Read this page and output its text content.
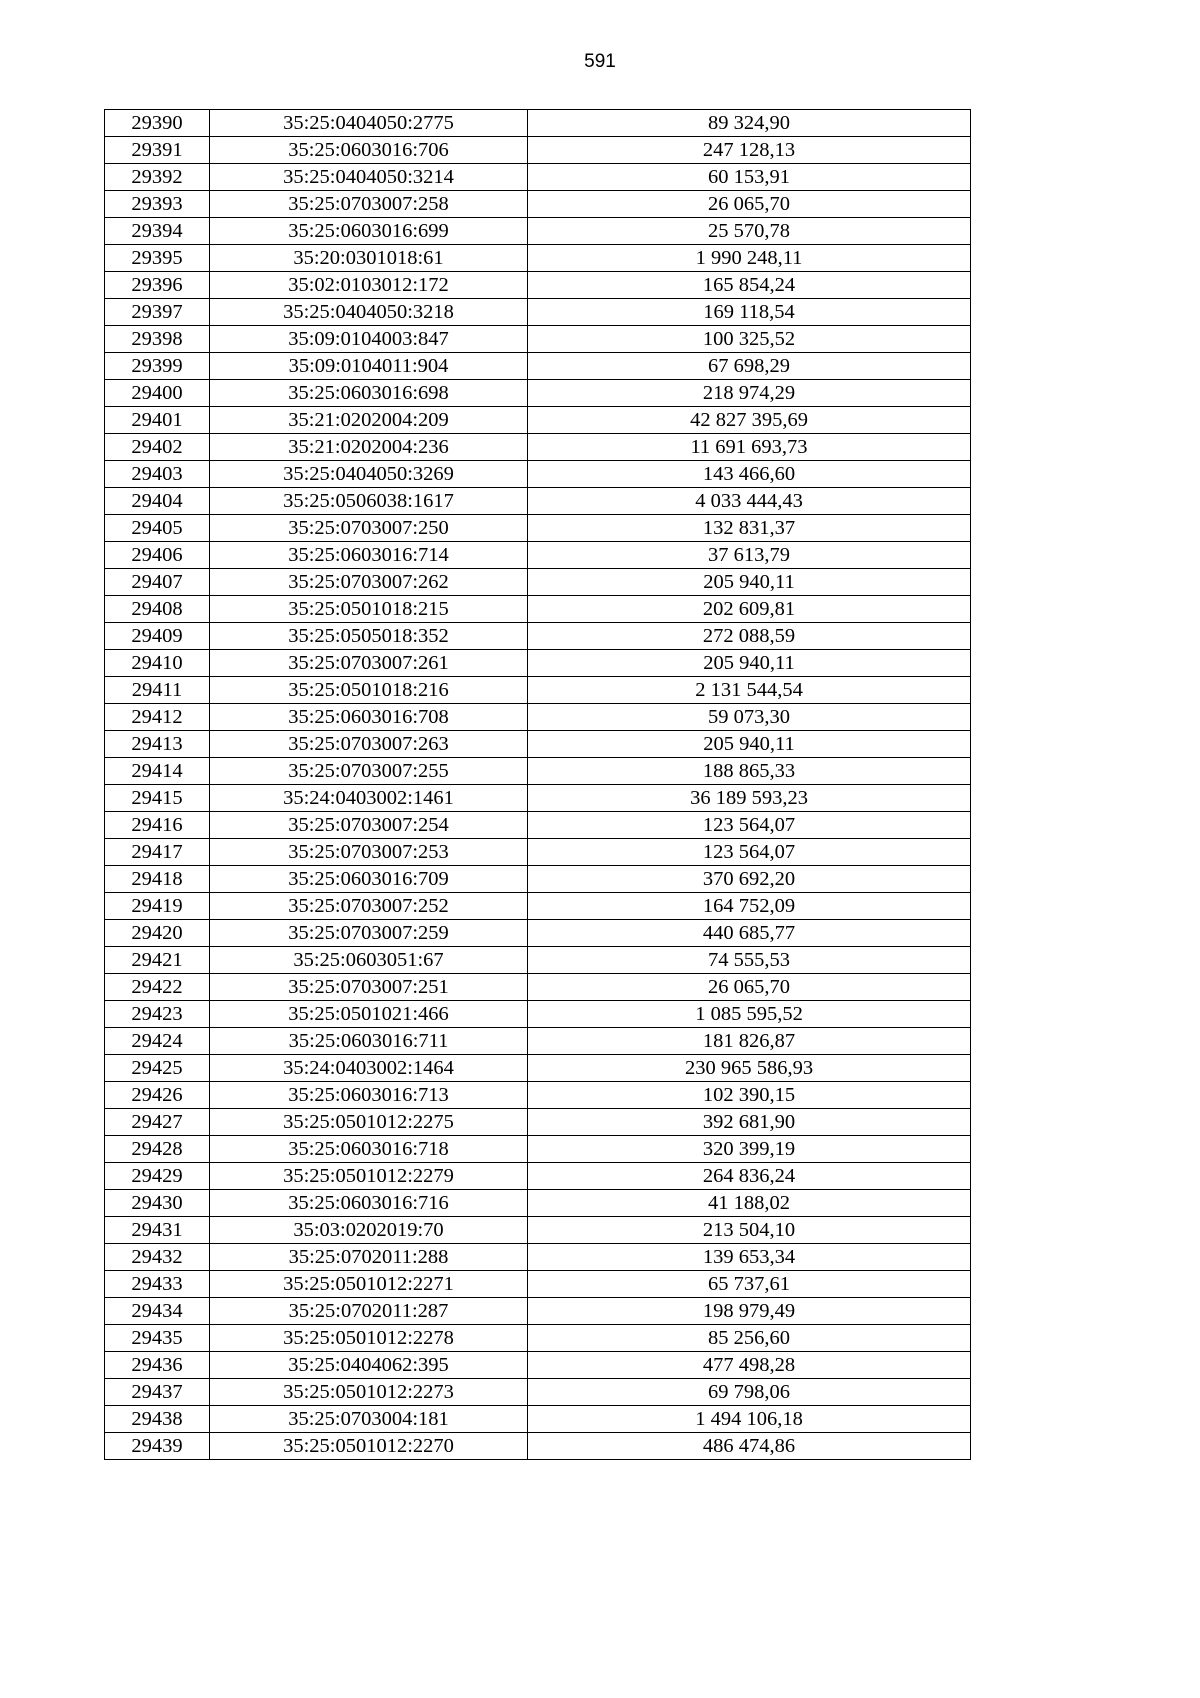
591
29390	35:25:0404050:2775	89 324,90
29391	35:25:0603016:706	247 128,13
29392	35:25:0404050:3214	60 153,91
29393	35:25:0703007:258	26 065,70
29394	35:25:0603016:699	25 570,78
29395	35:20:0301018:61	1 990 248,11
29396	35:02:0103012:172	165 854,24
29397	35:25:0404050:3218	169 118,54
29398	35:09:0104003:847	100 325,52
29399	35:09:0104011:904	67 698,29
29400	35:25:0603016:698	218 974,29
29401	35:21:0202004:209	42 827 395,69
29402	35:21:0202004:236	11 691 693,73
29403	35:25:0404050:3269	143 466,60
29404	35:25:0506038:1617	4 033 444,43
29405	35:25:0703007:250	132 831,37
29406	35:25:0603016:714	37 613,79
29407	35:25:0703007:262	205 940,11
29408	35:25:0501018:215	202 609,81
29409	35:25:0505018:352	272 088,59
29410	35:25:0703007:261	205 940,11
29411	35:25:0501018:216	2 131 544,54
29412	35:25:0603016:708	59 073,30
29413	35:25:0703007:263	205 940,11
29414	35:25:0703007:255	188 865,33
29415	35:24:0403002:1461	36 189 593,23
29416	35:25:0703007:254	123 564,07
29417	35:25:0703007:253	123 564,07
29418	35:25:0603016:709	370 692,20
29419	35:25:0703007:252	164 752,09
29420	35:25:0703007:259	440 685,77
29421	35:25:0603051:67	74 555,53
29422	35:25:0703007:251	26 065,70
29423	35:25:0501021:466	1 085 595,52
29424	35:25:0603016:711	181 826,87
29425	35:24:0403002:1464	230 965 586,93
29426	35:25:0603016:713	102 390,15
29427	35:25:0501012:2275	392 681,90
29428	35:25:0603016:718	320 399,19
29429	35:25:0501012:2279	264 836,24
29430	35:25:0603016:716	41 188,02
29431	35:03:0202019:70	213 504,10
29432	35:25:0702011:288	139 653,34
29433	35:25:0501012:2271	65 737,61
29434	35:25:0702011:287	198 979,49
29435	35:25:0501012:2278	85 256,60
29436	35:25:0404062:395	477 498,28
29437	35:25:0501012:2273	69 798,06
29438	35:25:0703004:181	1 494 106,18
29439	35:25:0501012:2270	486 474,86
